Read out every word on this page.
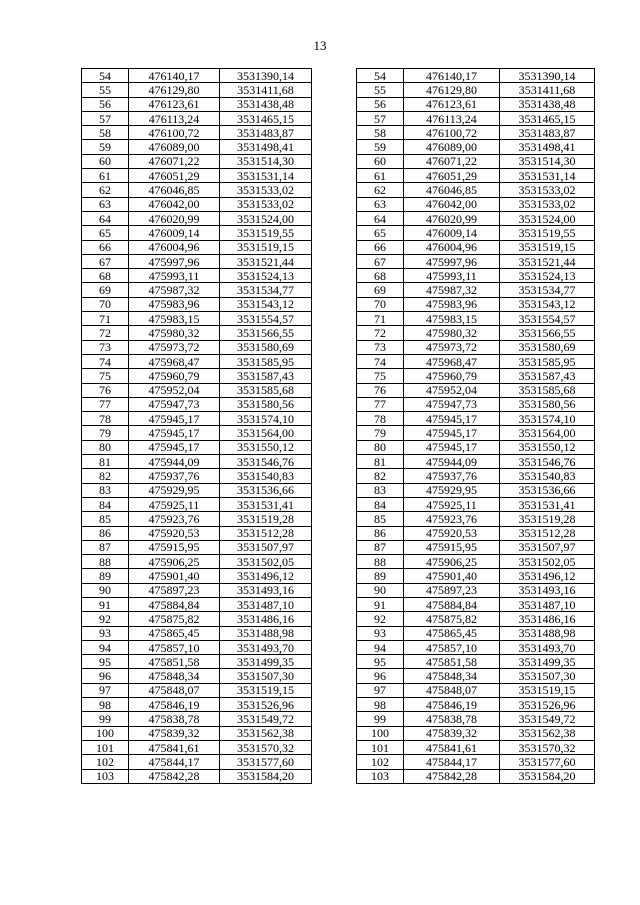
13
54	476140,17	3531390,14		54	476140,17	3531390,14
55	476129,80	3531411,68		55	476129,80	3531411,68
56	476123,61	3531438,48		56	476123,61	3531438,48
57	476113,24	3531465,15		57	476113,24	3531465,15
58	476100,72	3531483,87		58	476100,72	3531483,87
59	476089,00	3531498,41		59	476089,00	3531498,41
60	476071,22	3531514,30		60	476071,22	3531514,30
61	476051,29	3531531,14		61	476051,29	3531531,14
62	476046,85	3531533,02		62	476046,85	3531533,02
63	476042,00	3531533,02		63	476042,00	3531533,02
64	476020,99	3531524,00		64	476020,99	3531524,00
65	476009,14	3531519,55		65	476009,14	3531519,55
66	476004,96	3531519,15		66	476004,96	3531519,15
67	475997,96	3531521,44		67	475997,96	3531521,44
68	475993,11	3531524,13		68	475993,11	3531524,13
69	475987,32	3531534,77		69	475987,32	3531534,77
70	475983,96	3531543,12		70	475983,96	3531543,12
71	475983,15	3531554,57		71	475983,15	3531554,57
72	475980,32	3531566,55		72	475980,32	3531566,55
73	475973,72	3531580,69		73	475973,72	3531580,69
74	475968,47	3531585,95		74	475968,47	3531585,95
75	475960,79	3531587,43		75	475960,79	3531587,43
76	475952,04	3531585,68		76	475952,04	3531585,68
77	475947,73	3531580,56		77	475947,73	3531580,56
78	475945,17	3531574,10		78	475945,17	3531574,10
79	475945,17	3531564,00		79	475945,17	3531564,00
80	475945,17	3531550,12		80	475945,17	3531550,12
81	475944,09	3531546,76		81	475944,09	3531546,76
82	475937,76	3531540,83		82	475937,76	3531540,83
83	475929,95	3531536,66		83	475929,95	3531536,66
84	475925,11	3531531,41		84	475925,11	3531531,41
85	475923,76	3531519,28		85	475923,76	3531519,28
86	475920,53	3531512,28		86	475920,53	3531512,28
87	475915,95	3531507,97		87	475915,95	3531507,97
88	475906,25	3531502,05		88	475906,25	3531502,05
89	475901,40	3531496,12		89	475901,40	3531496,12
90	475897,23	3531493,16		90	475897,23	3531493,16
91	475884,84	3531487,10		91	475884,84	3531487,10
92	475875,82	3531486,16		92	475875,82	3531486,16
93	475865,45	3531488,98		93	475865,45	3531488,98
94	475857,10	3531493,70		94	475857,10	3531493,70
95	475851,58	3531499,35		95	475851,58	3531499,35
96	475848,34	3531507,30		96	475848,34	3531507,30
97	475848,07	3531519,15		97	475848,07	3531519,15
98	475846,19	3531526,96		98	475846,19	3531526,96
99	475838,78	3531549,72		99	475838,78	3531549,72
100	475839,32	3531562,38		100	475839,32	3531562,38
101	475841,61	3531570,32		101	475841,61	3531570,32
102	475844,17	3531577,60		102	475844,17	3531577,60
103	475842,28	3531584,20		103	475842,28	3531584,20
